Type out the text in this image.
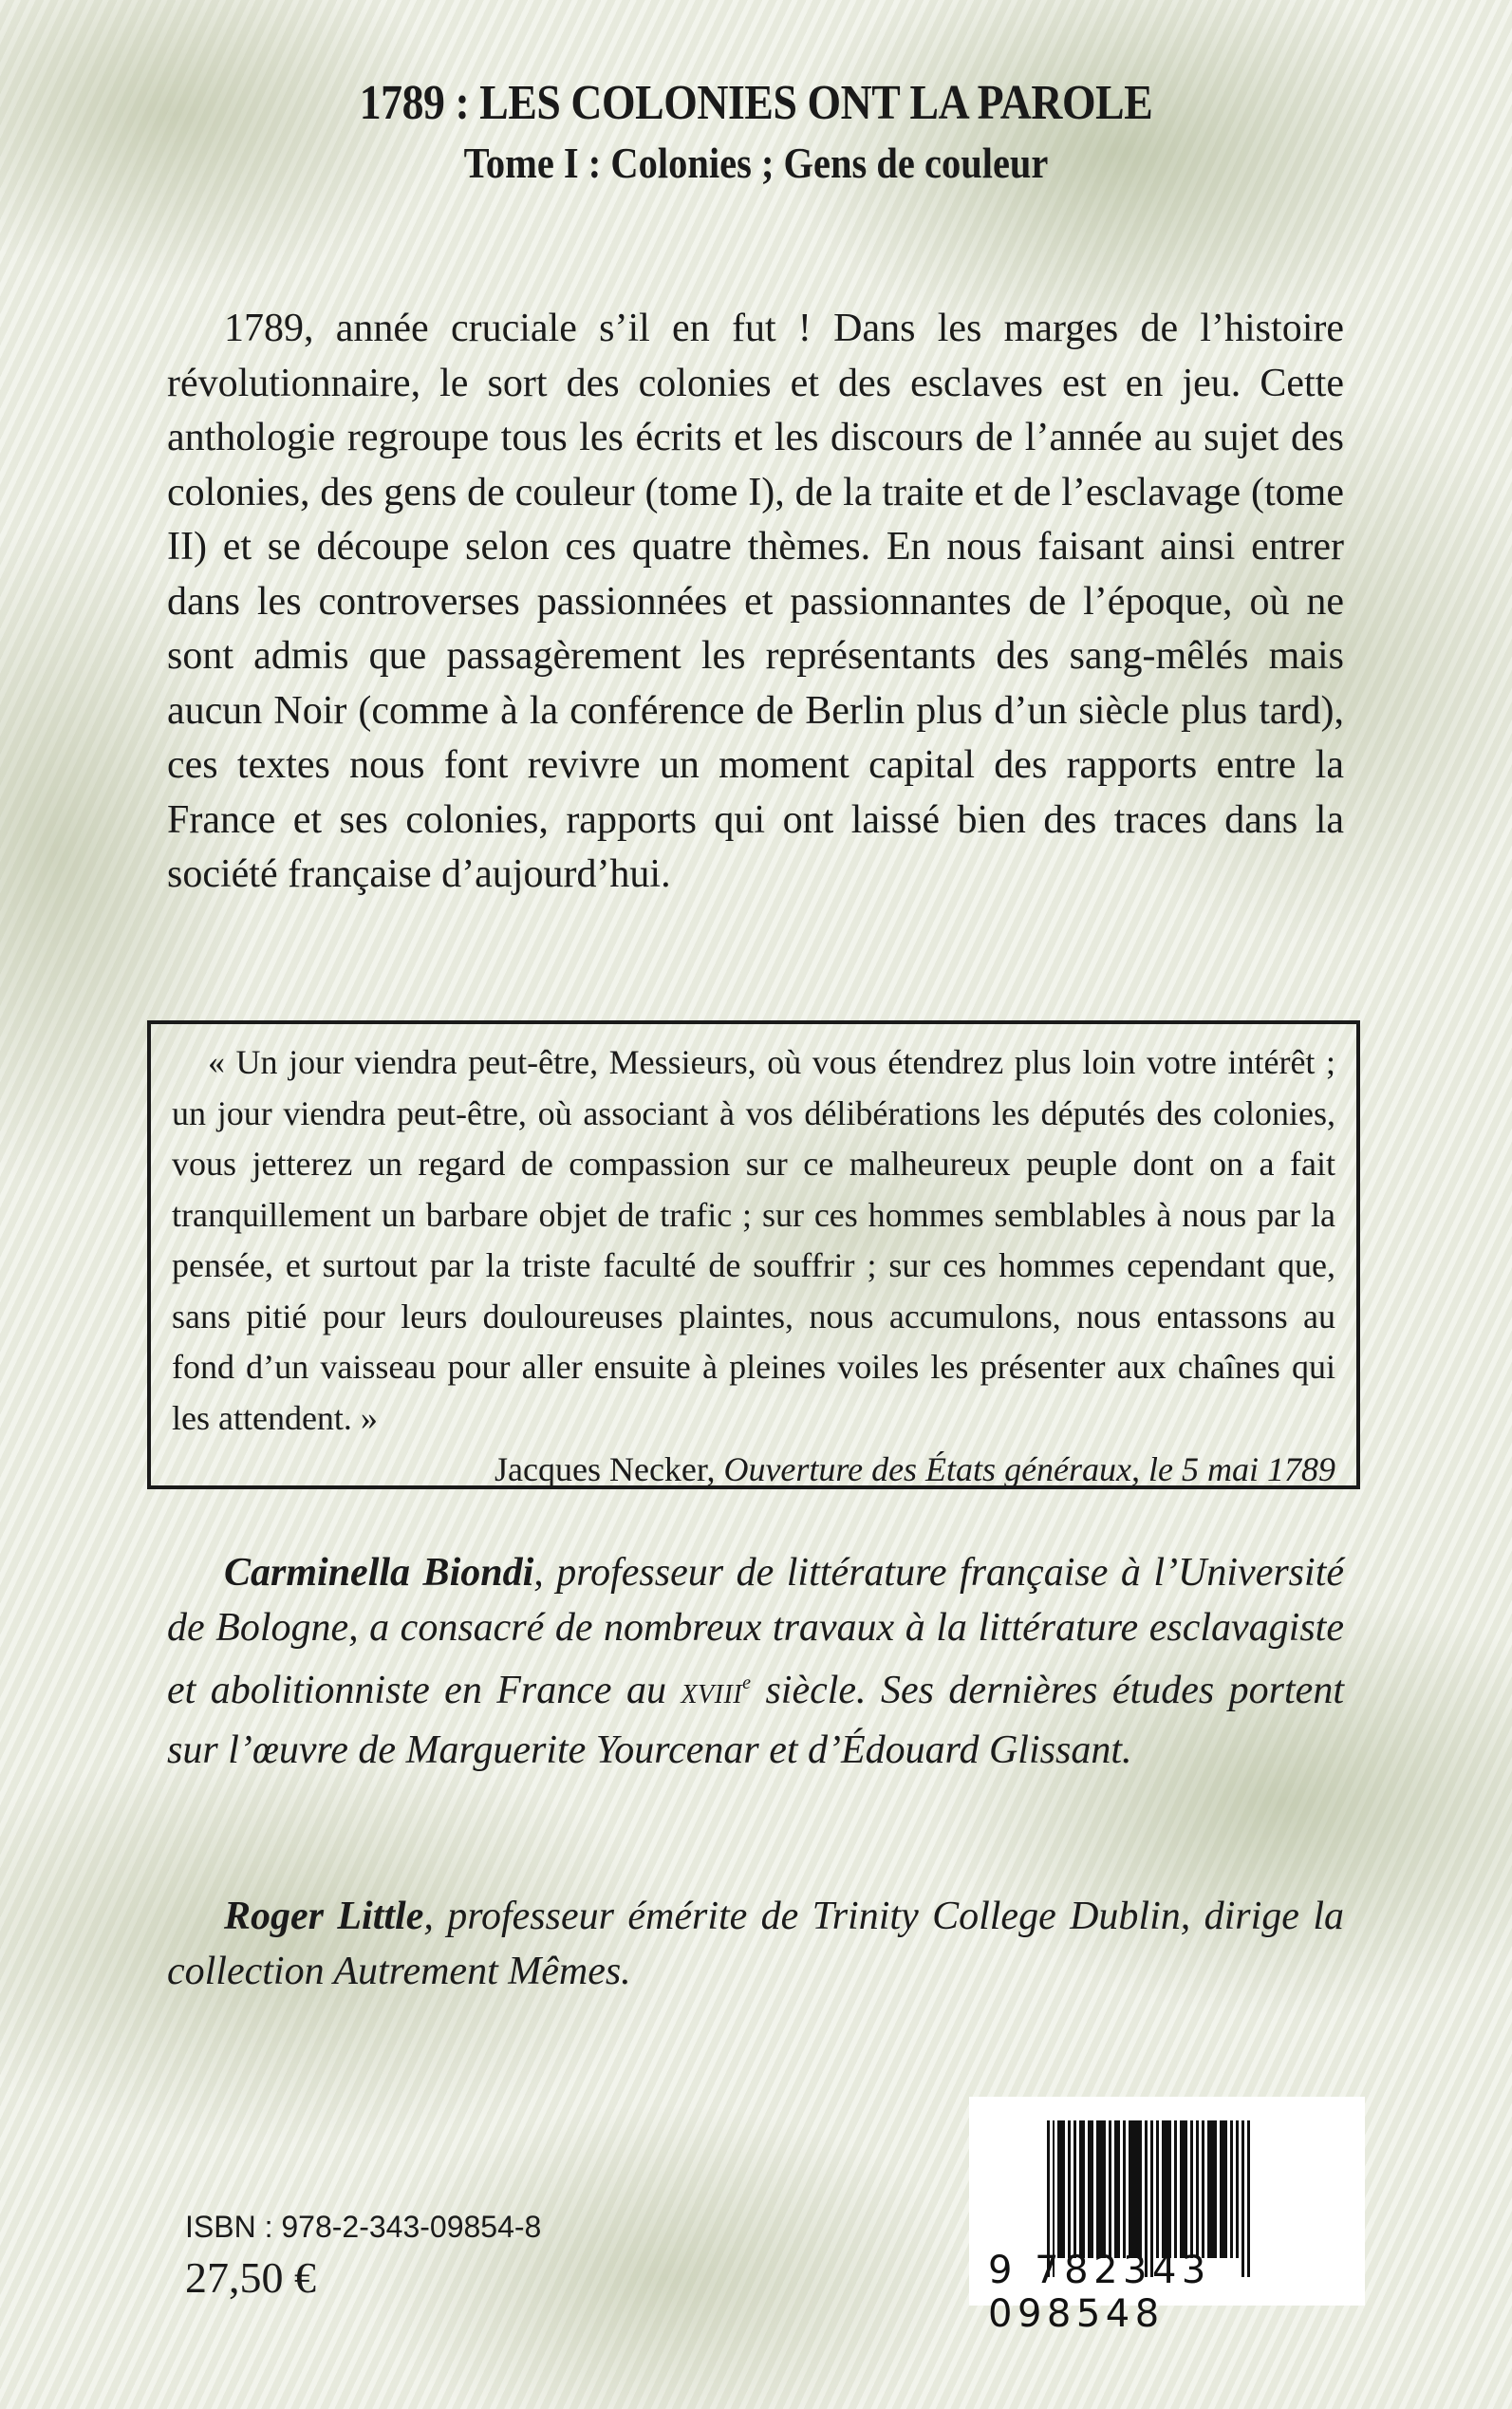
1789 : LES COLONIES ONT LA PAROLE
Tome I : Colonies ; Gens de couleur

1789, année cruciale s’il en fut ! Dans les marges de l’histoire révolutionnaire, le sort des colonies et des esclaves est en jeu. Cette anthologie regroupe tous les écrits et les discours de l’année au sujet des colonies, des gens de couleur (tome I), de la traite et de l’esclavage (tome II) et se découpe selon ces quatre thèmes. En nous faisant ainsi entrer dans les controverses passionnées et passionnantes de l’époque, où ne sont admis que passagèrement les représentants des sang-mêlés mais aucun Noir (comme à la conférence de Berlin plus d’un siècle plus tard), ces textes nous font revivre un moment capital des rapports entre la France et ses colonies, rapports qui ont laissé bien des traces dans la société française d’aujourd’hui.

« Un jour viendra peut-être, Messieurs, où vous étendrez plus loin votre intérêt ; un jour viendra peut-être, où associant à vos délibérations les députés des colonies, vous jetterez un regard de compassion sur ce malheureux peuple dont on a fait tranquillement un barbare objet de trafic ; sur ces hommes semblables à nous par la pensée, et surtout par la triste faculté de souffrir ; sur ces hommes cependant que, sans pitié pour leurs douloureuses plaintes, nous accumulons, nous entassons au fond d’un vaisseau pour aller ensuite à pleines voiles les présenter aux chaînes qui les attendent. »

Jacques Necker, Ouverture des États généraux, le 5 mai 1789

Carminella Biondi, professeur de littérature française à l’Université de Bologne, a consacré de nombreux travaux à la littérature esclavagiste et abolitionniste en France au XVIIIe siècle. Ses dernières études portent sur l’œuvre de Marguerite Yourcenar et d’Édouard Glissant.

Roger Little, professeur émérite de Trinity College Dublin, dirige la collection Autrement Mêmes.

ISBN : 978-2-343-09854-8
27,50 €	9 782343 098548
